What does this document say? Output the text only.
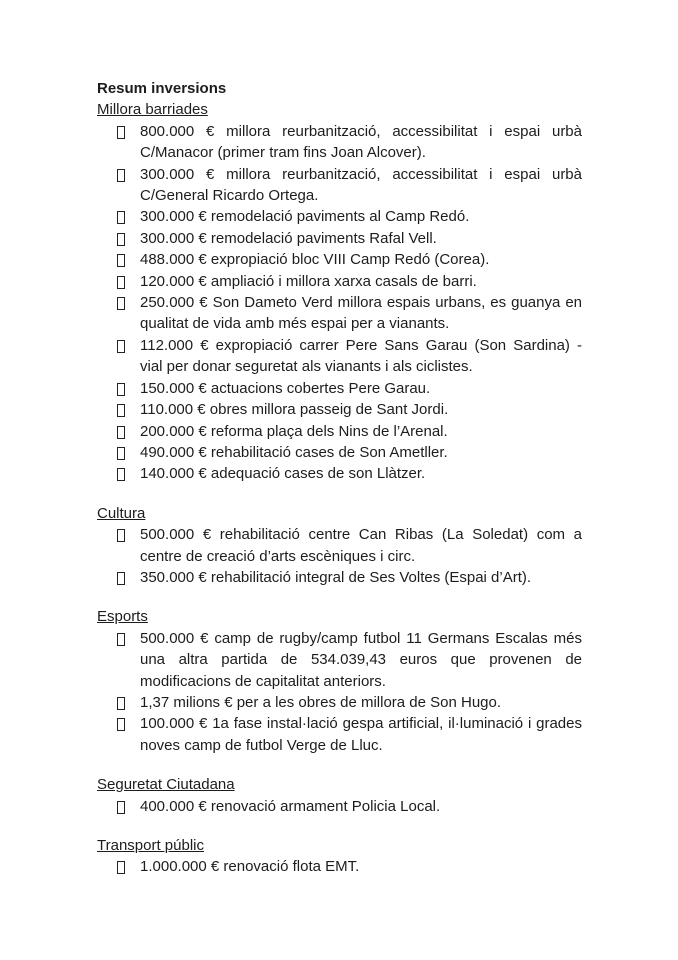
Resum inversions
Millora barriades
800.000 € millora reurbanització, accessibilitat i espai urbà C/Manacor (primer tram fins Joan Alcover).
300.000 € millora reurbanització, accessibilitat i espai urbà C/General Ricardo Ortega.
300.000 € remodelació paviments al Camp Redó.
300.000 € remodelació paviments Rafal Vell.
488.000 € expropiació bloc VIII Camp Redó (Corea).
120.000 € ampliació i millora xarxa casals de barri.
250.000 € Son Dameto Verd millora espais urbans, es guanya en qualitat de vida amb més espai per a vianants.
112.000 € expropiació carrer Pere Sans Garau (Son Sardina) - vial per donar seguretat als vianants i als ciclistes.
150.000 € actuacions cobertes Pere Garau.
110.000 € obres millora passeig de Sant Jordi.
200.000 € reforma plaça dels Nins de l’Arenal.
490.000 € rehabilitació cases de Son Ametller.
140.000 € adequació cases de son Llàtzer.
Cultura
500.000 € rehabilitació centre Can Ribas (La Soledat) com a centre de creació d’arts escèniques i circ.
350.000 € rehabilitació integral de Ses Voltes (Espai d’Art).
Esports
500.000 € camp de rugby/camp futbol 11 Germans Escalas més una altra partida de 534.039,43 euros que provenen de modificacions de capitalitat anteriors.
1,37 milions € per a les obres de millora de Son Hugo.
100.000 € 1a fase instal·lació gespa artificial, il·luminació i grades noves camp de futbol Verge de Lluc.
Seguretat Ciutadana
400.000 € renovació armament Policia Local.
Transport públic
1.000.000 € renovació flota EMT.
